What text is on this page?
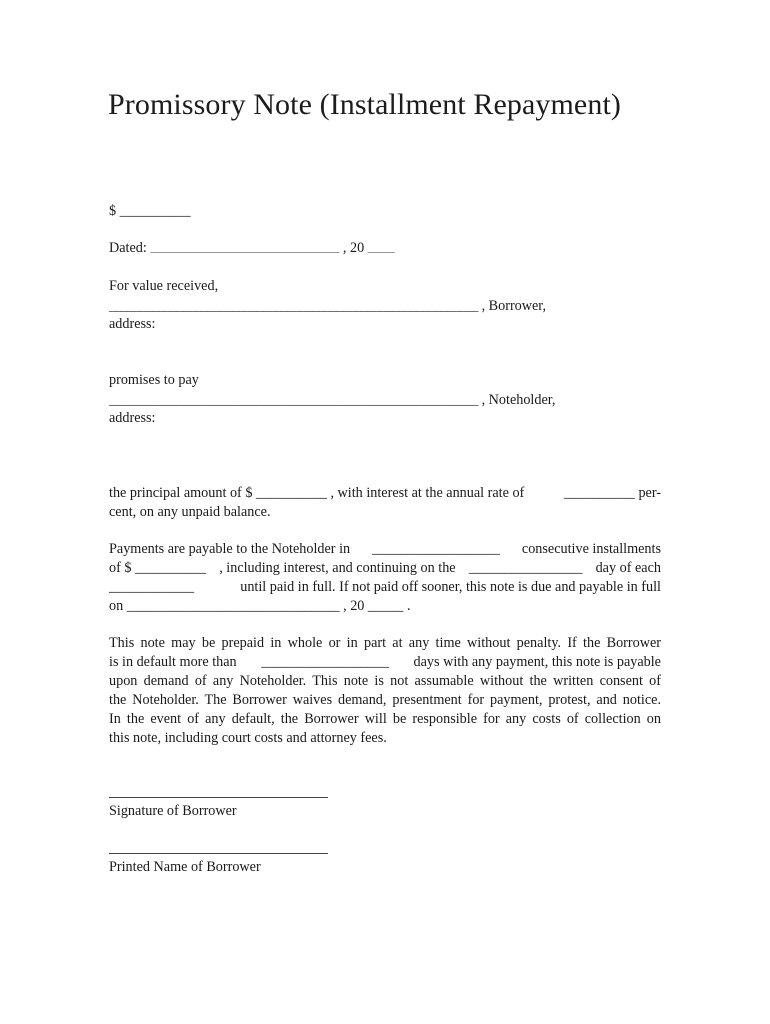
Promissory Note (Installment Repayment)
$ __________
Dated: __________________________________________ , 20 ______
For value received,
____________________________________________________________ , Borrower,
address:
promises to pay
____________________________________________________________ , Noteholder,
address:
the principal amount of $ __________ , with interest at the annual rate of	__________ per-
cent, on any unpaid balance.
Payments are payable to the Noteholder in __________________ consecutive installments
of $ __________ , including interest, and continuing on the ________________ day of each
____________	until paid in full. If not paid off sooner, this note is due and payable in full
on ______________________________ , 20 _____ .
This note may be prepaid in whole or in part at any time without penalty. If the Borrower
is in default more than __________________ days with any payment, this note is payable
upon demand of any Noteholder. This note is not assumable without the written consent of
the Noteholder. The Borrower waives demand, presentment for payment, protest, and notice.
In the event of any default, the Borrower will be responsible for any costs of collection on
this note, including court costs and attorney fees.
Signature of Borrower
Printed Name of Borrower
